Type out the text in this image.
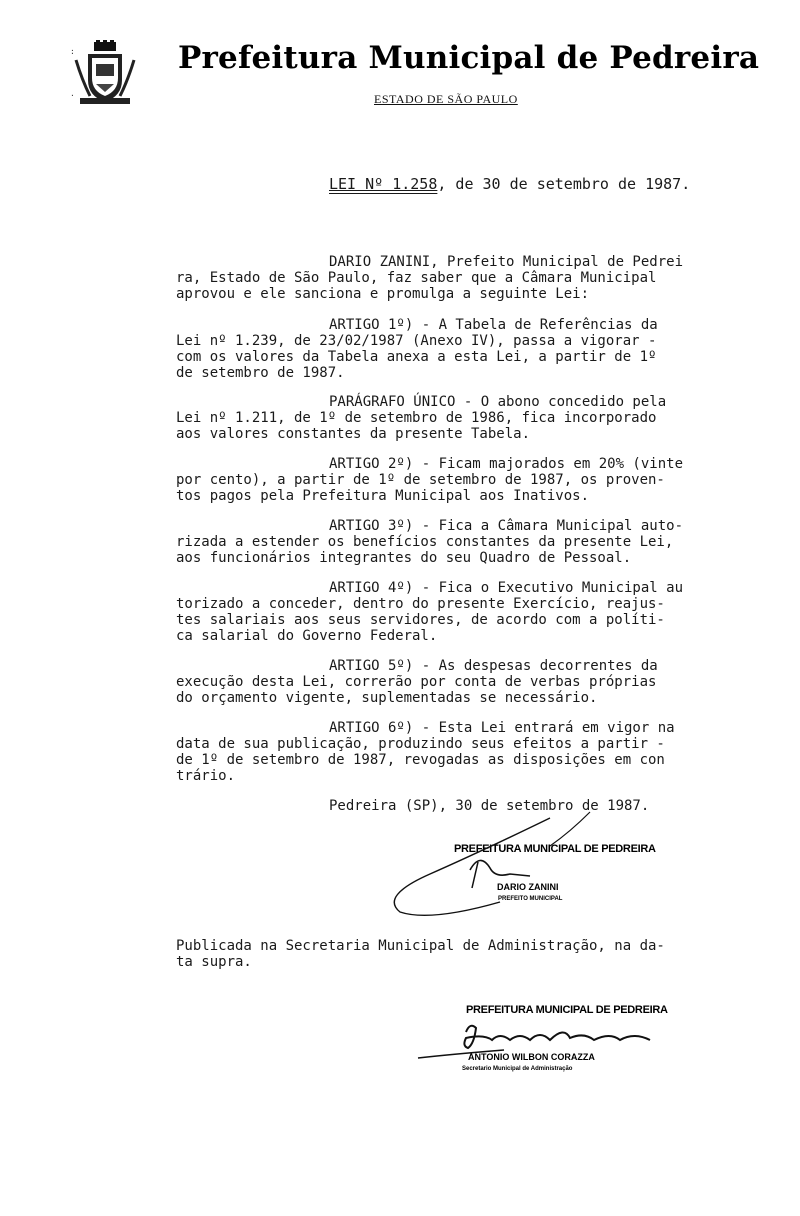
:
.
Prefeitura Municipal de Pedreira
ESTADO DE SÃO PAULO
LEI Nº 1.258, de 30 de setembro de 1987.
DARIO ZANINI, Prefeito Municipal de Pedrei
ra, Estado de São Paulo, faz saber que a Câmara Municipal
aprovou e ele sanciona e promulga a seguinte Lei:
ARTIGO 1º) - A Tabela de Referências da
Lei nº 1.239, de 23/02/1987 (Anexo IV), passa a vigorar -
com os valores da Tabela anexa a esta Lei, a partir de 1º
de setembro de 1987.
PARÁGRAFO ÚNICO - O abono concedido pela
Lei nº 1.211, de 1º de setembro de 1986, fica incorporado
aos valores constantes da presente Tabela.
ARTIGO 2º) - Ficam majorados em 20% (vinte
por cento), a partir de 1º de setembro de 1987, os proven-
tos pagos pela Prefeitura Municipal aos Inativos.
ARTIGO 3º) - Fica a Câmara Municipal auto-
rizada a estender os benefícios constantes da presente Lei,
aos funcionários integrantes do seu Quadro de Pessoal.
ARTIGO 4º) - Fica o Executivo Municipal au
torizado a conceder, dentro do presente Exercício, reajus-
tes salariais aos seus servidores, de acordo com a políti-
ca salarial do Governo Federal.
ARTIGO 5º) - As despesas decorrentes da
execução desta Lei, correrão por conta de verbas próprias
do orçamento vigente, suplementadas se necessário.
ARTIGO 6º) - Esta Lei entrará em vigor na
data de sua publicação, produzindo seus efeitos a partir -
de 1º de setembro de 1987, revogadas as disposições em con
trário.
Pedreira (SP), 30 de setembro de 1987.
PREFEITURA MUNICIPAL DE PEDREIRA
DARIO ZANINI
PREFEITO MUNICIPAL
Publicada na Secretaria Municipal de Administração, na da-
ta supra.
PREFEITURA MUNICIPAL DE PEDREIRA
ANTONIO WILBON CORAZZA
Secretario Municipal de Administração
